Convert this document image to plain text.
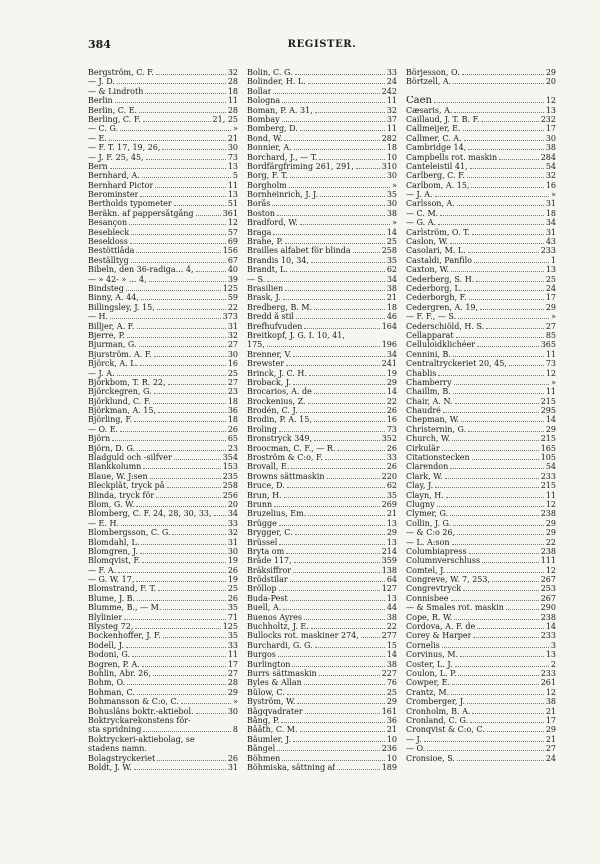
384	REGISTER.
Bergström, C. F.	32
— J. D.	28
— & Lindroth	18
Berlin	11
Berlin, C. E.	28
Berling, C. F.	21, 25
— C. G.	»
— E.	21
— F. T. 17, 19, 26,	30
— J. F. 25, 45,	73
Bern	13
Bernhard, A.	5
Bernhard Pictor	11
Berominster	13
Bertholds typometer	51
Beräkn. af pappersåtgång	361
Besançon	12
Besebleck	57
Besekloss	69
Bestöttlåda	156
Beställtyg	67
Bibeln, den 36-radiga... 4,	40
— » 42- » ... 4,	39
Bindsteg	125
Binny, A. 44,	59
Billingsley, J. 15,	22
— H.	373
Billjer, A. F.	31
Bjerre, P.	32
Bjurman, G.	27
Bjurström. A. F.	30
Björck, A. L.	16
— J. A.	25
Björkbom, T. R. 22,	27
Björckegren, G.	23
Björklund, C. F.	18
Björkman, A. 15,	36
Björling, F.	18
— O. E.	26
Björn	65
Björn, D. G.	23
Bladguld och -silfver	354
Blankkolumn	153
Blaue, W. J:sen	235
Bleckplåt, tryck på	258
Blinda, tryck för	256
Blom, G. W.	20
Blomberg, C. F. 24, 28, 30, 33, 34
— E. H.	33
Blombergsson, C. G.	32
Blomdahl, L.	31
Blomgren, J.	30
Blomqvist, F.	19
— F. A.	26
— G. W. 17,	19
Blomstrand, F. T.	25
Blume, J. B.	26
Blumme, B., — M.	35
Blylinier	71
Blysteg 72,	125
Bockenhoffer, J. F.	35
Bodell, J.	33
Bodoni, G.	11
Bogren, P. A.	17
Bohlin, Abr. 26,	27
Bohm, O.	28
Bohman, C.	29
Bohmansson & C:o, C.	»
Bohusläns boktr.-aktiebol.	30
Boktryckarekonstens för-
sta spridning	8
Boktryckeri-aktiebolag, se
stadens namn.
Bolagstryckeriet	26
Boldt, J. W.	31
Bolin, C. G.	33
Bolinder, H. L.	24
Bollar	242
Bologna	11
Boman, P. A. 31,	32
Bombay	37
Bomberg, D.	11
Bond, W.	282
Bonnier, A.	18
Borchard, J., — T.	10
Bordfärgfriming 261, 291,	310
Borg, F. T.	30
Borgholm	»
Bornheinrich, J. J.	35
Borås	30
Boston	38
Bradford, W.	»
Braga	14
Brahe, P.	25
Brailles alfabet för blinda	258
Brandis 10, 34,	35
Brandt, L.	62
— S.	34
Brasilien	38
Brask, J.	21
Bredberg, B. M.	18
Bredd å stil	46
Brefhufvuden	164
Breitkopf, J. G. I. 10, 41,
175,	196
Brenner, V.	34
Brewster	241
Brinck, J. C. H.	19
Broback, J.	29
Brocarios, A. de	14
Brockenius, Z.	22
Brodén, C. J.	26
Brodin, P. A. 15,	16
Broling	73
Bronstryck 349,	352
Broocman, C. F., — R.	26
Broström & C:o, F.	33
Brovall, E.	26
Browns sättmaskin	220
Bruce, D.	62
Brun, H.	35
Brunn	269
Bruzelius, Em.	21
Brügge	13
Brygger, C.	29
Brüssel	13
Bryta om	214
Bräde 117,	359
Bräksiffror	138
Brödstilar	64
Bröllop	127
Buda-Pest	13
Buell, A.	44
Buenos Ayres	38
Buchholtz, J. E.	22
Bullocks rot. maskiner 274,	277
Burchardi, G. G.	15
Burgos	14
Burlington	38
Burrs sättmaskin	227
Byles & Allan	76
Bülow, C.	25
Byström, W.	29
Bågqvadrater	161
Bång, P.	36
Bååth, C. M.	21
Bäumler, J.	10
Bängel	236
Böhmen	10
Böhmiska, sättning af	189
Börjesson, O.	29
Börtzell, A.	20
Caen	12
Cæsaris, A.	13
Caillaud, J. T. B. F.	232
Callmeijer, E.	17
Callmer, C. A.	30
Cambridge 14,	38
Campbells rot. maskin	284
Canteleistil 41,	54
Carlberg, C. F.	32
Carlbom, A. 15,	16
— J. A.	»
Carlsson, A.	31
— C. M.	18
— G. A.	34
Carlström, O. T.	31
Caslon, W.	43
Casolari, M. L.	233
Castaldi, Panfilo	1
Caxton, W.	13
Cederberg, S. H.	25
Cederborg, L.	24
Cederborgh, F.	17
Cedergren, A. 19,	29
— F. F., — S.	»
Cederschiöld, H. S.	27
Cellapparat	85
Celluloidklichéer	365
Cennini, B.	11
Centraltryckeriet 20, 45,	73
Chablis	12
Chamberry	»
Chaillm, B.	11
Chair, A. N.	215
Chaudré	295
Chepman, W.	14
Christernin, G.	29
Church, W.	215
Cirkulär	165
Citationstecken	105
Clarendon	54
Clark, W.	233
Clay, J.	215
Clayn, H.	11
Clugny	12
Clymer, G.	238
Collin, J. G.	29
— & C:o 26,	29
— L. A:son	22
Columbiapress	238
Columnverschluss	111
Comtel, J.	12
Congreve, W. 7, 253,	267
Congrevtryck	253
Connisbee	267
— & Smales rot. maskin	290
Cope, R. W.	238
Cordova, A. F. de	14
Corey & Harper	233
Cornelis	3
Corvinus, M.	13
Coster, L. J.	2
Coulon, L. P.	233
Cowper, E.	261
Crantz, M.	12
Cromberger, J.	38
Cronholm, B. A.	21
Cronland, C. G.	17
Cronqvist & C:o, C.	29
— J.	21
— O.	27
Cronsioe, S.	24
